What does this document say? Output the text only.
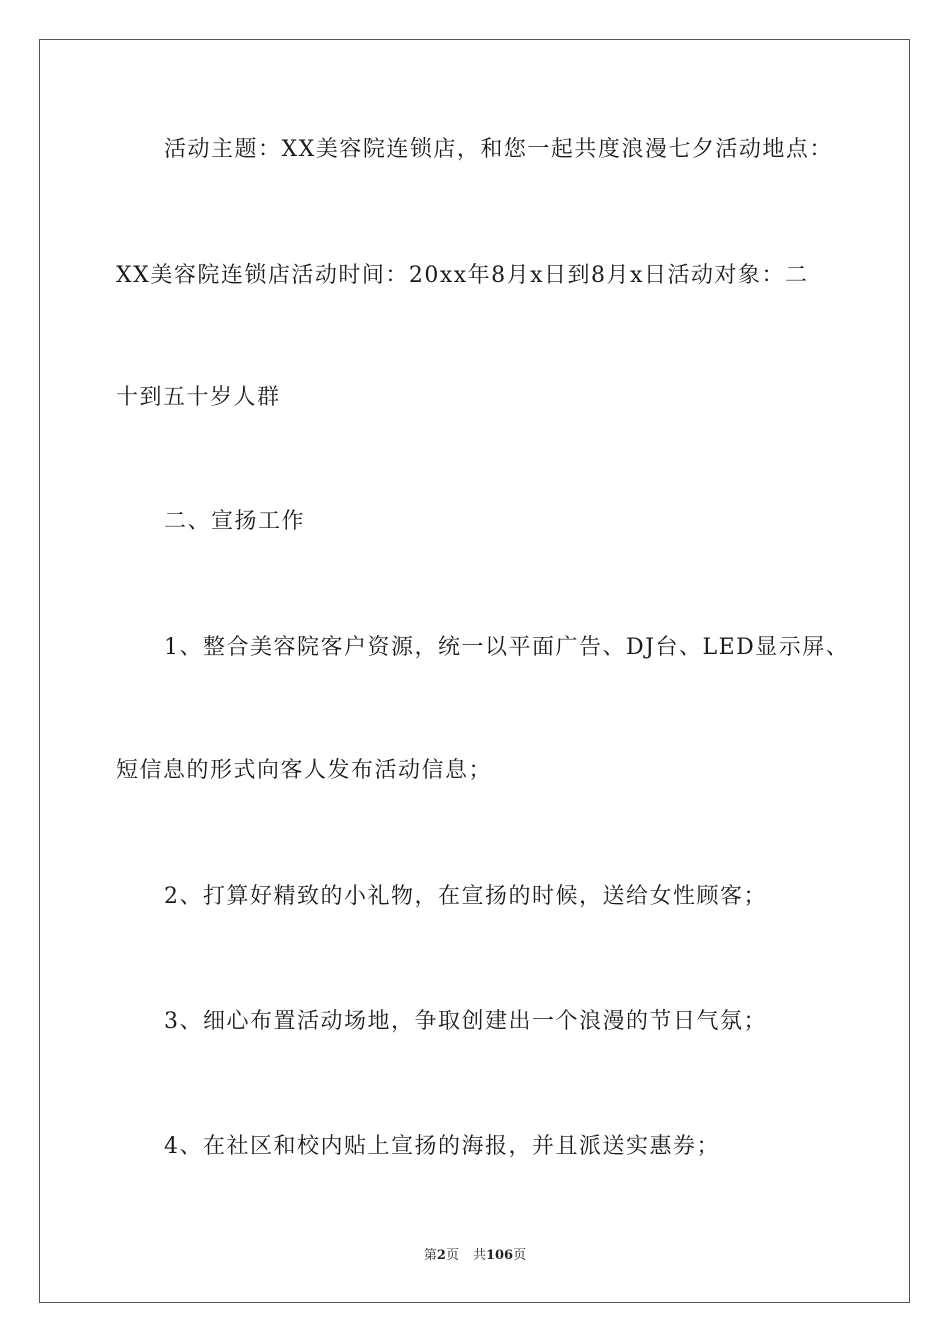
活动主题：XX美容院连锁店，和您一起共度浪漫七夕活动地点：
XX美容院连锁店活动时间：20xx年8月x日到8月x日活动对象：二
十到五十岁人群
二、宣扬工作
1、整合美容院客户资源，统一以平面广告、DJ台、LED显示屏、
短信息的形式向客人发布活动信息；
2、打算好精致的小礼物，在宣扬的时候，送给女性顾客；
3、细心布置活动场地，争取创建出一个浪漫的节日气氛；
4、在社区和校内贴上宣扬的海报，并且派送实惠券；
第2页 共106页
